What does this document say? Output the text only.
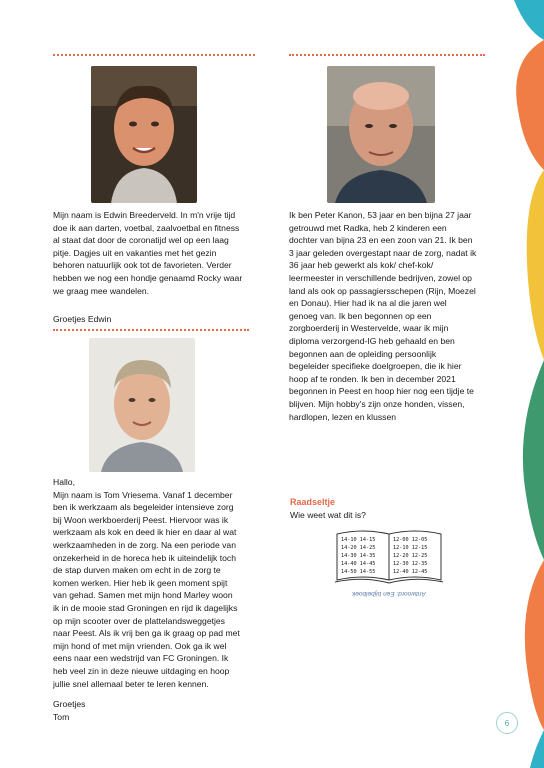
Mijn naam is Edwin Breederveld. In m'n vrije tijd
doe ik aan darten, voetbal, zaalvoetbal en fitness
al staat dat door de coronatijd wel op een laag
pitje. Dagjes uit en vakanties met het gezin
behoren natuurlijk ook tot de favorieten. Verder
hebben we nog een hondje genaamd Rocky waar
we graag mee wandelen.

Groetjes Edwin

Hallo,
Mijn naam is Tom Vriesema. Vanaf 1 december
ben ik werkzaam als begeleider intensieve zorg
bij Woon werkboerderij Peest. Hiervoor was ik
werkzaam als kok en deed ik hier en daar al wat
werkzaamheden in de zorg. Na een periode van
onzekerheid in de horeca heb ik uiteindelijk toch
de stap durven maken om echt in de zorg te
komen werken. Hier heb ik geen moment spijt
van gehad. Samen met mijn hond Marley woon
ik in de mooie stad Groningen en rijd ik dagelijks
op mijn scooter over de plattelandsweggetjes
naar Peest. Als ik vrij ben ga ik graag op pad met
mijn hond of met mijn vrienden. Ook ga ik wel
eens naar een wedstrijd van FC Groningen. Ik
heb veel zin in deze nieuwe uitdaging en hoop
jullie snel allemaal beter te leren kennen.

Groetjes
Tom

Ik ben Peter Kanon, 53 jaar en ben bijna 27 jaar
getrouwd met Radka, heb 2 kinderen een
dochter van bijna 23 en een zoon van 21. Ik ben
3 jaar geleden overgestapt naar de zorg, nadat ik
36 jaar heb gewerkt als kok/ chef-kok/
leermeester in verschillende bedrijven, zowel op
land als ook op passagiersschepen (Rijn, Moezel
en Donau). Hier had ik na al die jaren wel
genoeg van. Ik ben begonnen op een
zorgboerderij in Westervelde, waar ik mijn
diploma verzorgend-IG heb gehaald en ben
begonnen aan de opleiding persoonlijk
begeleider specifieke doelgroepen, die ik hier
hoop af te ronden. Ik ben in december 2021
begonnen in Peest en hoop hier nog een tijdje te
blijven. Mijn hobby's zijn onze honden, vissen,
hardlopen, lezen en klussen

Raadseltje
Wie weet wat dit is?
14-10 14-15
14-20 14-25
14-30 14-35
14-40 14-45
14-50 14-55
12-00 12-05
12-10 12-15
12-20 12-25
12-30 12-35
12-40 12-45
Antwoord: Een bijbelboek
6
